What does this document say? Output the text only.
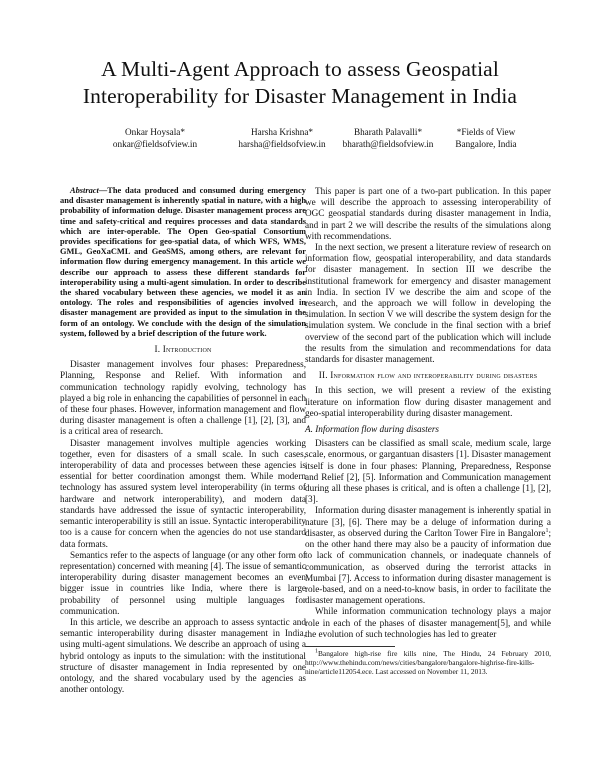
A Multi-Agent Approach to assess Geospatial
Interoperability for Disaster Management in India
Onkar Hoysala*
onkar@fieldsofview.in
Harsha Krishna*
harsha@fieldsofview.in
Bharath Palavalli*
bharath@fieldsofview.in
*Fields of View
Bangalore, India

Abstract—The data produced and consumed during emergency and disaster management is inherently spatial in nature, with a high probability of information deluge. Disaster management process are time and safety-critical and requires processes and data standards which are inter-operable. The Open Geo-spatial Consortium provides specifications for geo-spatial data, of which WFS, WMS, GML, GeoXaCML and GeoSMS, among others, are relevant for information flow during emergency management. In this article we describe our approach to assess these different standards for interoperability using a multi-agent simulation. In order to describe the shared vocabulary between these agencies, we model it as an ontology. The roles and responsibilities of agencies involved in disaster management are provided as input to the simulation in the form of an ontology. We conclude with the design of the simulation system, followed by a brief description of the future work.

I. Introduction

Disaster management involves four phases: Preparedness, Planning, Response and Relief. With information and communication technology rapidly evolving, technology has played a big role in enhancing the capabilities of personnel in each of these four phases. However, information management and flow during disaster management is often a challenge [1], [2], [3], and is a critical area of research.

Disaster management involves multiple agencies working together, even for disasters of a small scale. In such cases, interoperability of data and processes between these agencies is essential for better coordination amongst them. While modern technology has assured system level interoperability (in terms of hardware and network interoperability), and modern data standards have addressed the issue of syntactic interoperability, semantic interoperability is still an issue. Syntactic interoperability too is a cause for concern when the agencies do not use standard data formats.

Semantics refer to the aspects of language (or any other form of representation) concerned with meaning [4]. The issue of semantic interoperability during disaster management becomes an even bigger issue in countries like India, where there is large probability of personnel using multiple languages for communication.

In this article, we describe an approach to assess syntactic and semantic interoperability during disaster management in India, using multi-agent simulations. We describe an approach of using a hybrid ontology as inputs to the simulation: with the institutional structure of disaster management in India represented by one ontology, and the shared vocabulary used by the agencies as another ontology.

This paper is part one of a two-part publication. In this paper we will describe the approach to assessing interoperability of OGC geospatial standards during disaster management in India, and in part 2 we will describe the results of the simulations along with recommendations.

In the next section, we present a literature review of research on information flow, geospatial interoperability, and data standards for disaster management. In section III we describe the institutional framework for emergency and disaster management in India. In section IV we describe the aim and scope of the research, and the approach we will follow in developing the simulation. In section V we will describe the system design for the simulation system. We conclude in the final section with a brief overview of the second part of the publication which will include the results from the simulation and recommendations for data standards for disaster management.

II. Information flow and interoperability during disasters

In this section, we will present a review of the existing literature on information flow during disaster management and geo-spatial interoperability during disaster management.

A. Information flow during disasters

Disasters can be classified as small scale, medium scale, large scale, enormous, or gargantuan disasters [1]. Disaster management itself is done in four phases: Planning, Preparedness, Response and Relief [2], [5]. Information and Communication management during all these phases is critical, and is often a challenge [1], [2], [3].

Information during disaster management is inherently spatial in nature [3], [6]. There may be a deluge of information during a disaster, as observed during the Carlton Tower Fire in Bangalore$^1$; on the other hand there may also be a paucity of information due to lack of communication channels, or inadequate channels of communication, as observed during the terrorist attacks in Mumbai [7]. Access to information during disaster management is role-based, and on a need-to-know basis, in order to facilitate the disaster management operations.

While information communication technology plays a major role in each of the phases of disaster management[5], and while the evolution of such technologies has led to greater

$^1$Bangalore high-rise fire kills nine, The Hindu, 24 February 2010, http://www.thehindu.com/news/cities/bangalore/bangalore-highrise-fire-kills-nine/article112054.ece. Last accessed on November 11, 2013.
